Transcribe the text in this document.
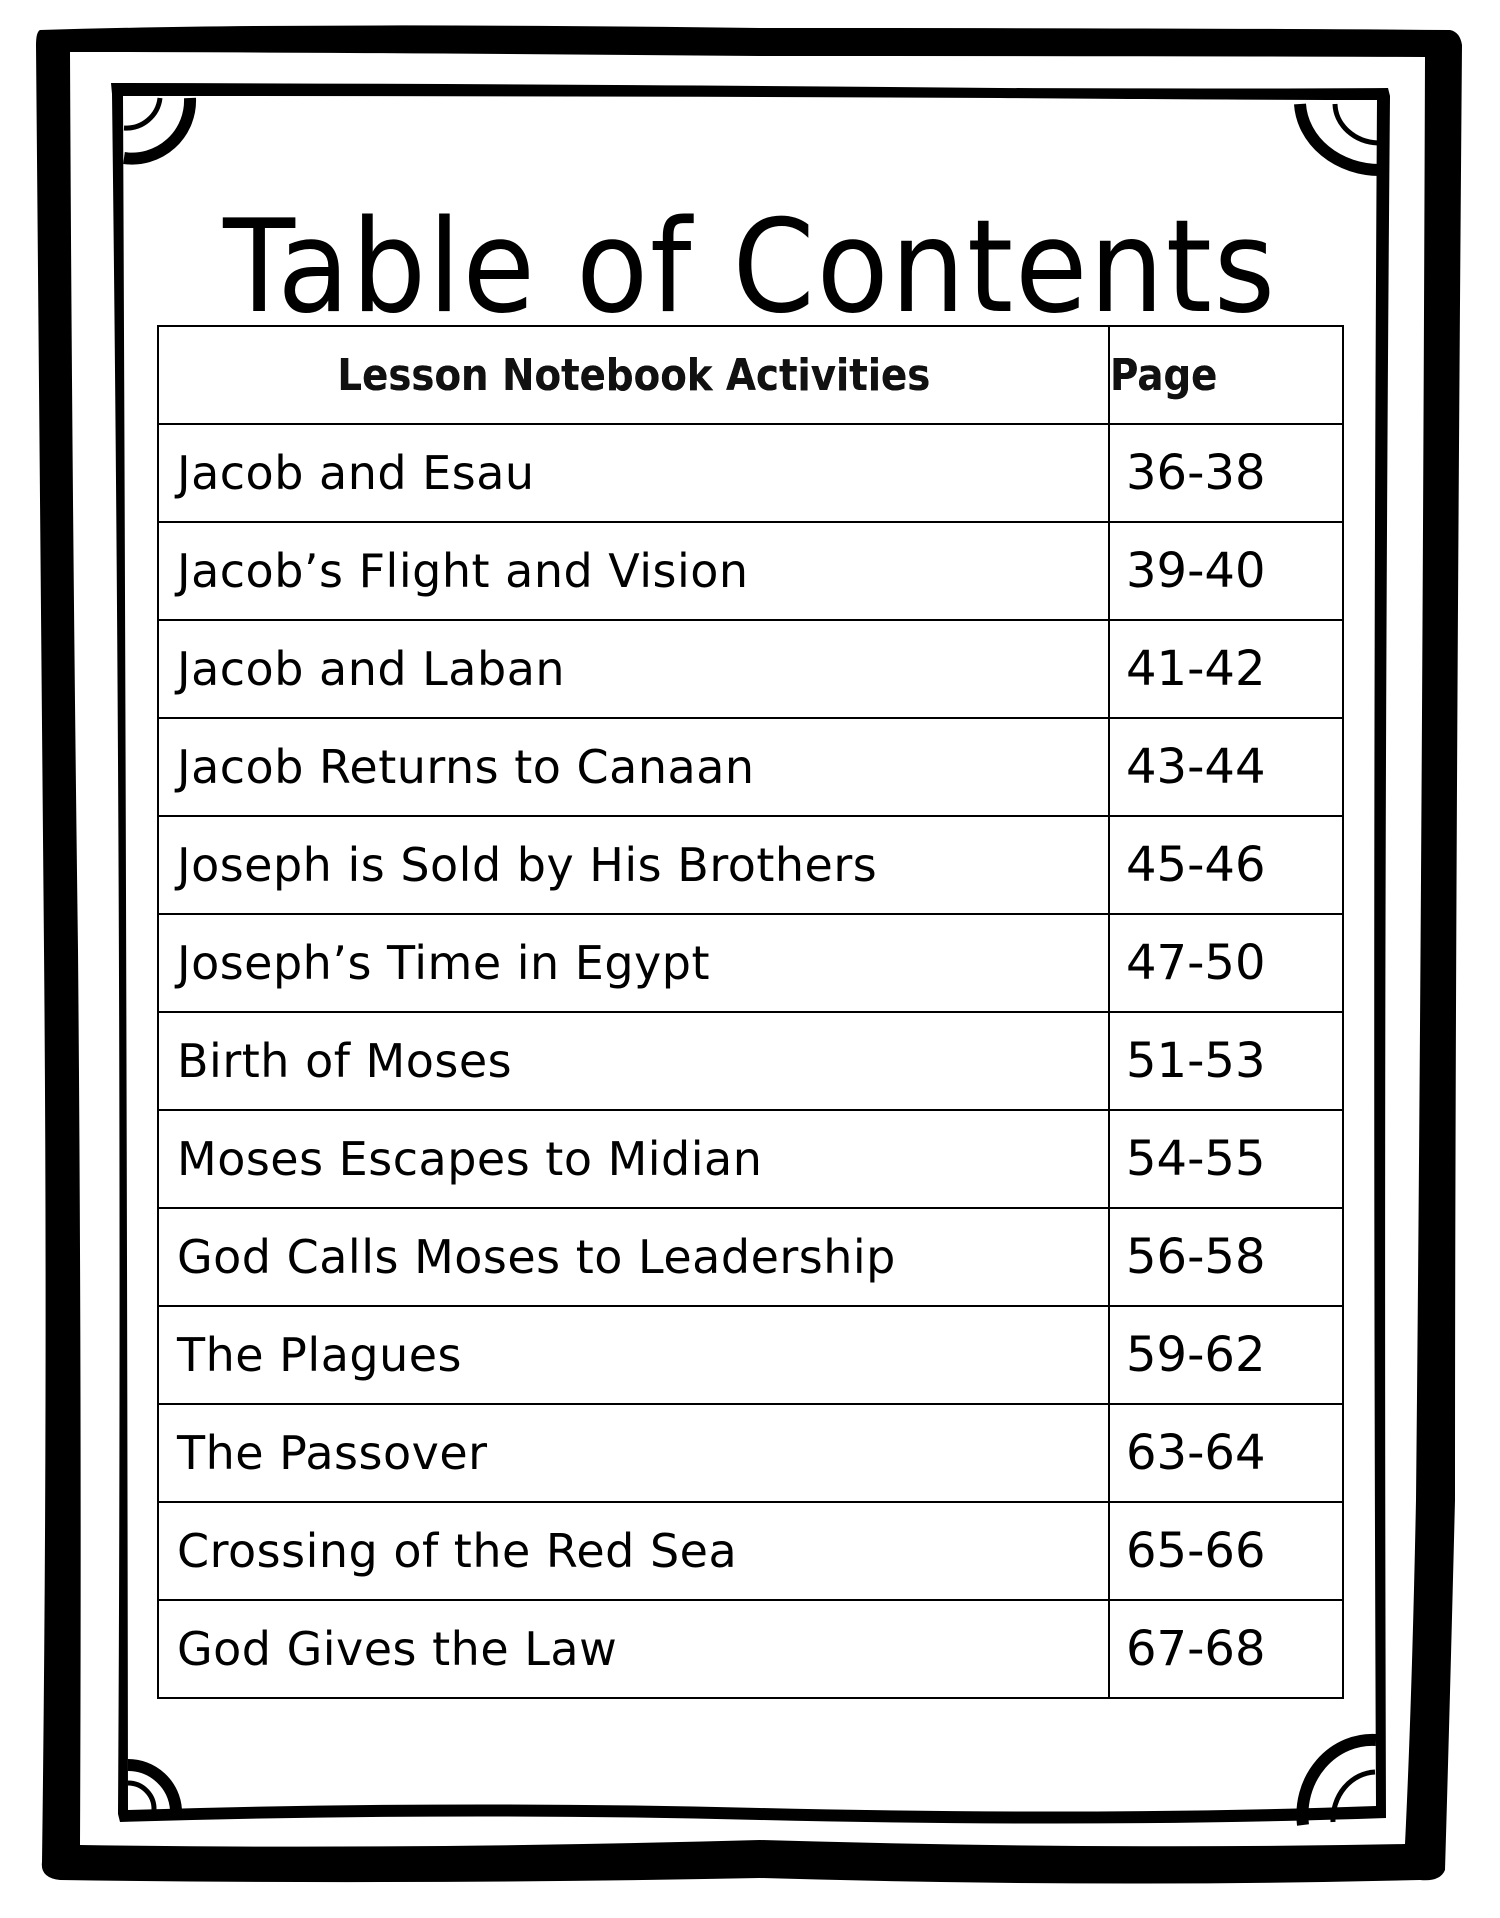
Table of Contents
Lesson Notebook Activities	Page
Jacob and Esau	36-38
Jacob’s Flight and Vision	39-40
Jacob and Laban	41-42
Jacob Returns to Canaan	43-44
Joseph is Sold by His Brothers	45-46
Joseph’s Time in Egypt	47-50
Birth of Moses	51-53
Moses Escapes to Midian	54-55
God Calls Moses to Leadership	56-58
The Plagues	59-62
The Passover	63-64
Crossing of the Red Sea	65-66
God Gives the Law	67-68
